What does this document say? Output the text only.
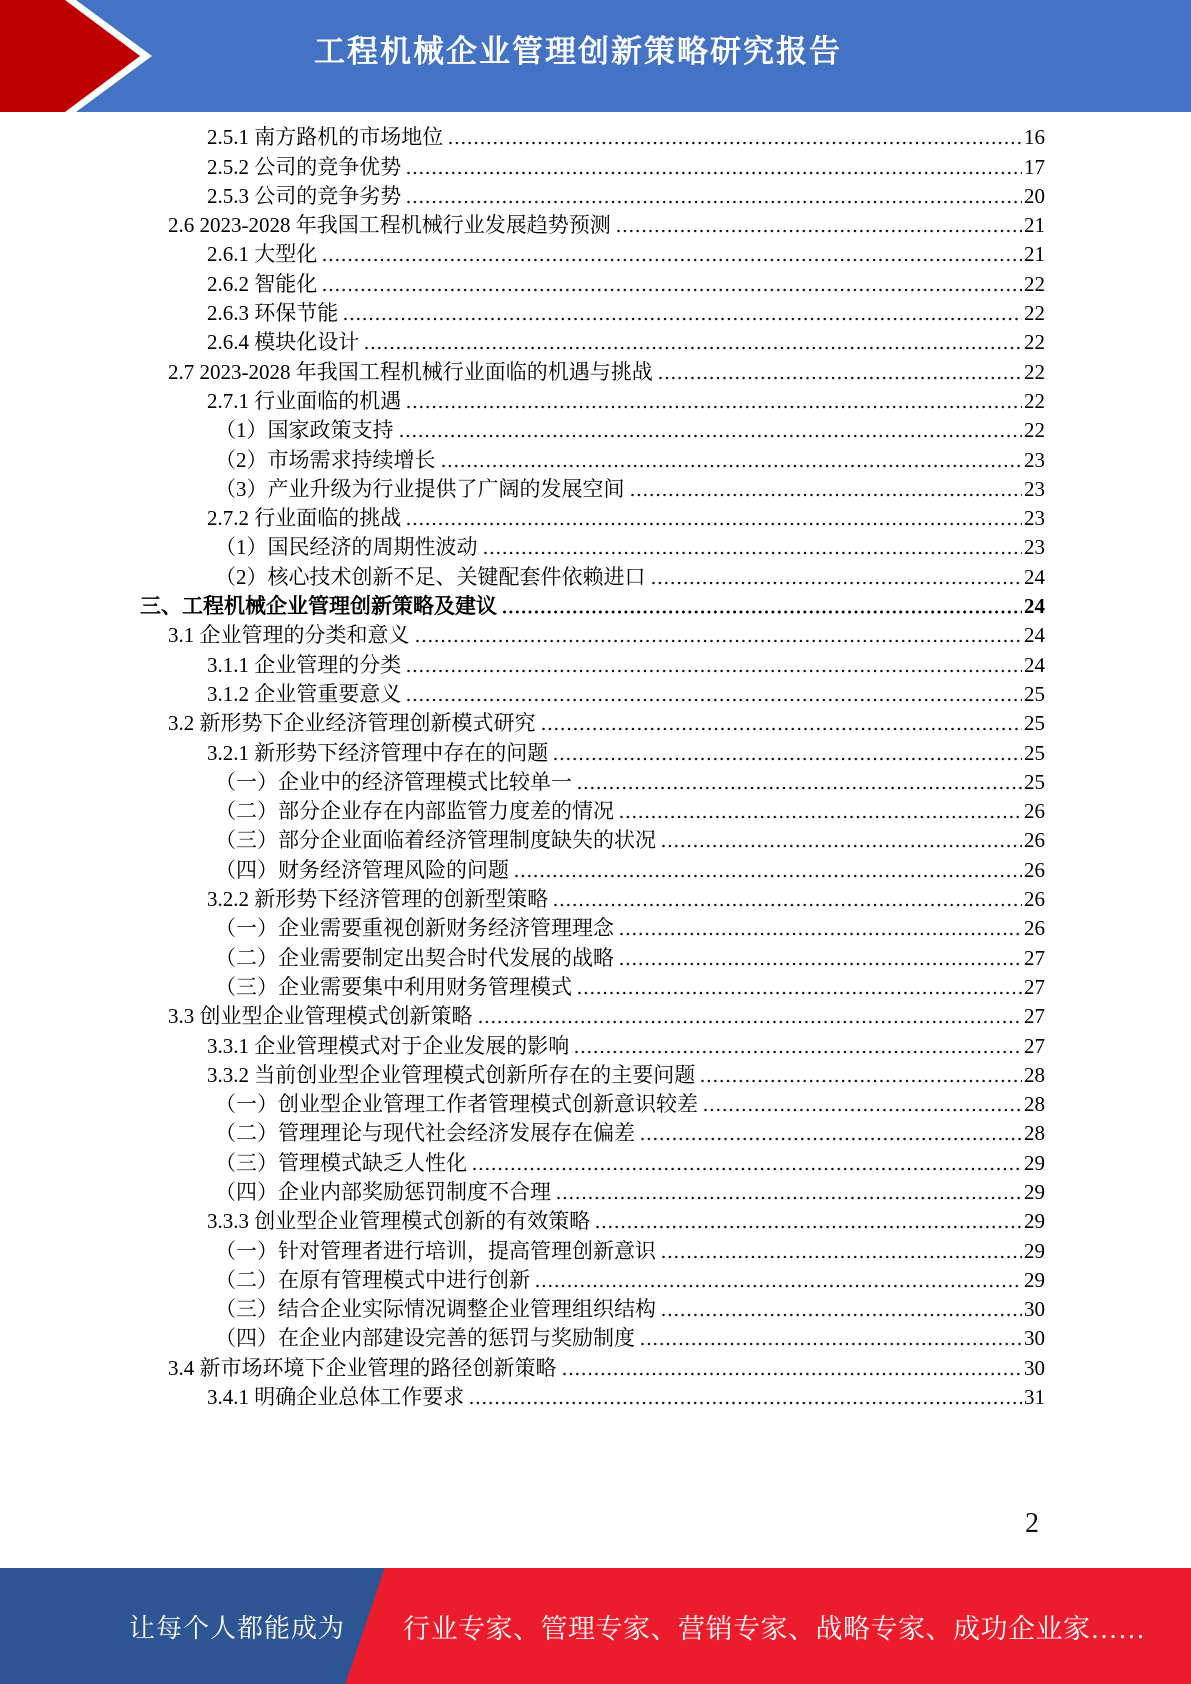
工程机械企业管理创新策略研究报告
2.5.1 南方路机的市场地位	16
2.5.2 公司的竞争优势	17
2.5.3 公司的竞争劣势	20
2.6 2023-2028 年我国工程机械行业发展趋势预测	21
2.6.1 大型化	21
2.6.2 智能化	22
2.6.3 环保节能	22
2.6.4 模块化设计	22
2.7 2023-2028 年我国工程机械行业面临的机遇与挑战	22
2.7.1 行业面临的机遇	22
（1）国家政策支持	22
（2）市场需求持续增长	23
（3）产业升级为行业提供了广阔的发展空间	23
2.7.2 行业面临的挑战	23
（1）国民经济的周期性波动	23
（2）核心技术创新不足、关键配套件依赖进口	24
三、工程机械企业管理创新策略及建议	24
3.1 企业管理的分类和意义	24
3.1.1 企业管理的分类	24
3.1.2 企业管重要意义	25
3.2 新形势下企业经济管理创新模式研究	25
3.2.1 新形势下经济管理中存在的问题	25
（一）企业中的经济管理模式比较单一	25
（二）部分企业存在内部监管力度差的情况	26
（三）部分企业面临着经济管理制度缺失的状况	26
（四）财务经济管理风险的问题	26
3.2.2 新形势下经济管理的创新型策略	26
（一）企业需要重视创新财务经济管理理念	26
（二）企业需要制定出契合时代发展的战略	27
（三）企业需要集中利用财务管理模式	27
3.3 创业型企业管理模式创新策略	27
3.3.1 企业管理模式对于企业发展的影响	27
3.3.2 当前创业型企业管理模式创新所存在的主要问题	28
（一）创业型企业管理工作者管理模式创新意识较差	28
（二）管理理论与现代社会经济发展存在偏差	28
（三）管理模式缺乏人性化	29
（四）企业内部奖励惩罚制度不合理	29
3.3.3 创业型企业管理模式创新的有效策略	29
（一）针对管理者进行培训，提高管理创新意识	29
（二）在原有管理模式中进行创新	29
（三）结合企业实际情况调整企业管理组织结构	30
（四）在企业内部建设完善的惩罚与奖励制度	30
3.4 新市场环境下企业管理的路径创新策略	30
3.4.1 明确企业总体工作要求	31
2
让每个人都能成为 行业专家、管理专家、营销专家、战略专家、成功企业家……
